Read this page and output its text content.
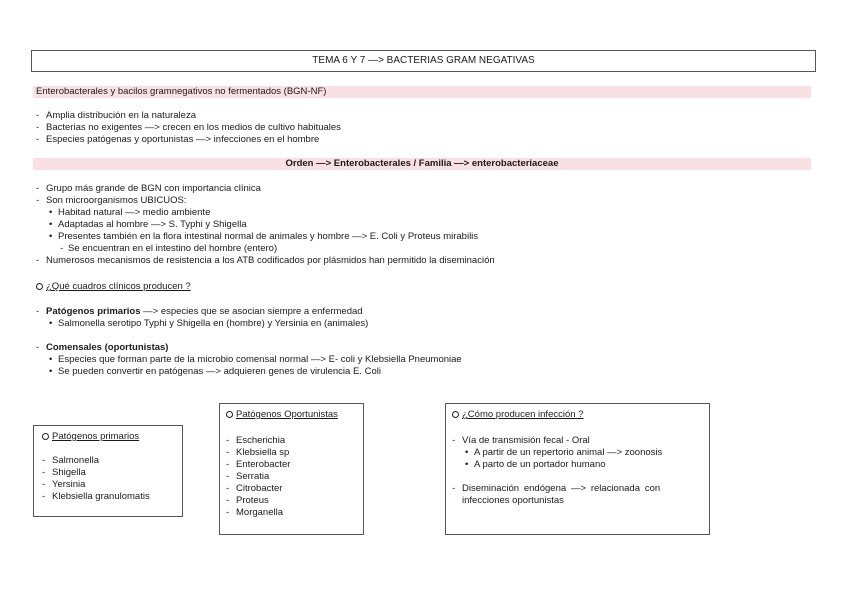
TEMA 6 Y 7 —> BACTERIAS GRAM NEGATIVAS
Enterobacterales y bacilos gramnegativos no fermentados (BGN-NF)
- Amplia distribución en la naturaleza
- Bacterias no exigentes —> crecen en los medios de cultivo habituales
- Especies patógenas y oportunistas —> infecciones en el hombre
Orden —> Enterobacterales / Familia —> enterobacteriaceae
- Grupo más grande de BGN con importancia clínica
- Son microorganismos UBICUOS:
• Habitad natural —> medio ambiente
• Adaptadas al hombre —> S. Typhi y Shigella
• Presentes también en la flora intestinal normal de animales y hombre —> E. Coli y Proteus mirabilis
- Se encuentran en el intestino del hombre (entero)
- Numerosos mecanismos de resistencia a los ATB codificados por plásmidos han permitido la diseminación
¿Qué cuadros clínicos producen ?
- Patógenos primarios —> especies que se asocian siempre a enfermedad
• Salmonella serotipo Typhi y Shigella en (hombre) y Yersinia en (animales)
- Comensales (oportunistas)
• Especies que forman parte de la microbio comensal normal —> E- coli y Klebsiella Pneumoniae
• Se pueden convertir en patógenas —> adquieren genes de virulencia E. Coli
Patógenos primarios
- Salmonella
- Shigella
- Yersinia
- Klebsiella granulomatis
Patógenos Oportunistas
- Escherichia
- Klebsiella sp
- Enterobacter
- Serratia
- Citrobacter
- Proteus
- Morganella
¿Cómo producen infección ?
- Vía de transmisión fecal - Oral
• A partir de un repertorio animal —> zoonosis
• A parto de un portador humano
- Diseminación endógena —> relacionada con
infecciones oportunistas
